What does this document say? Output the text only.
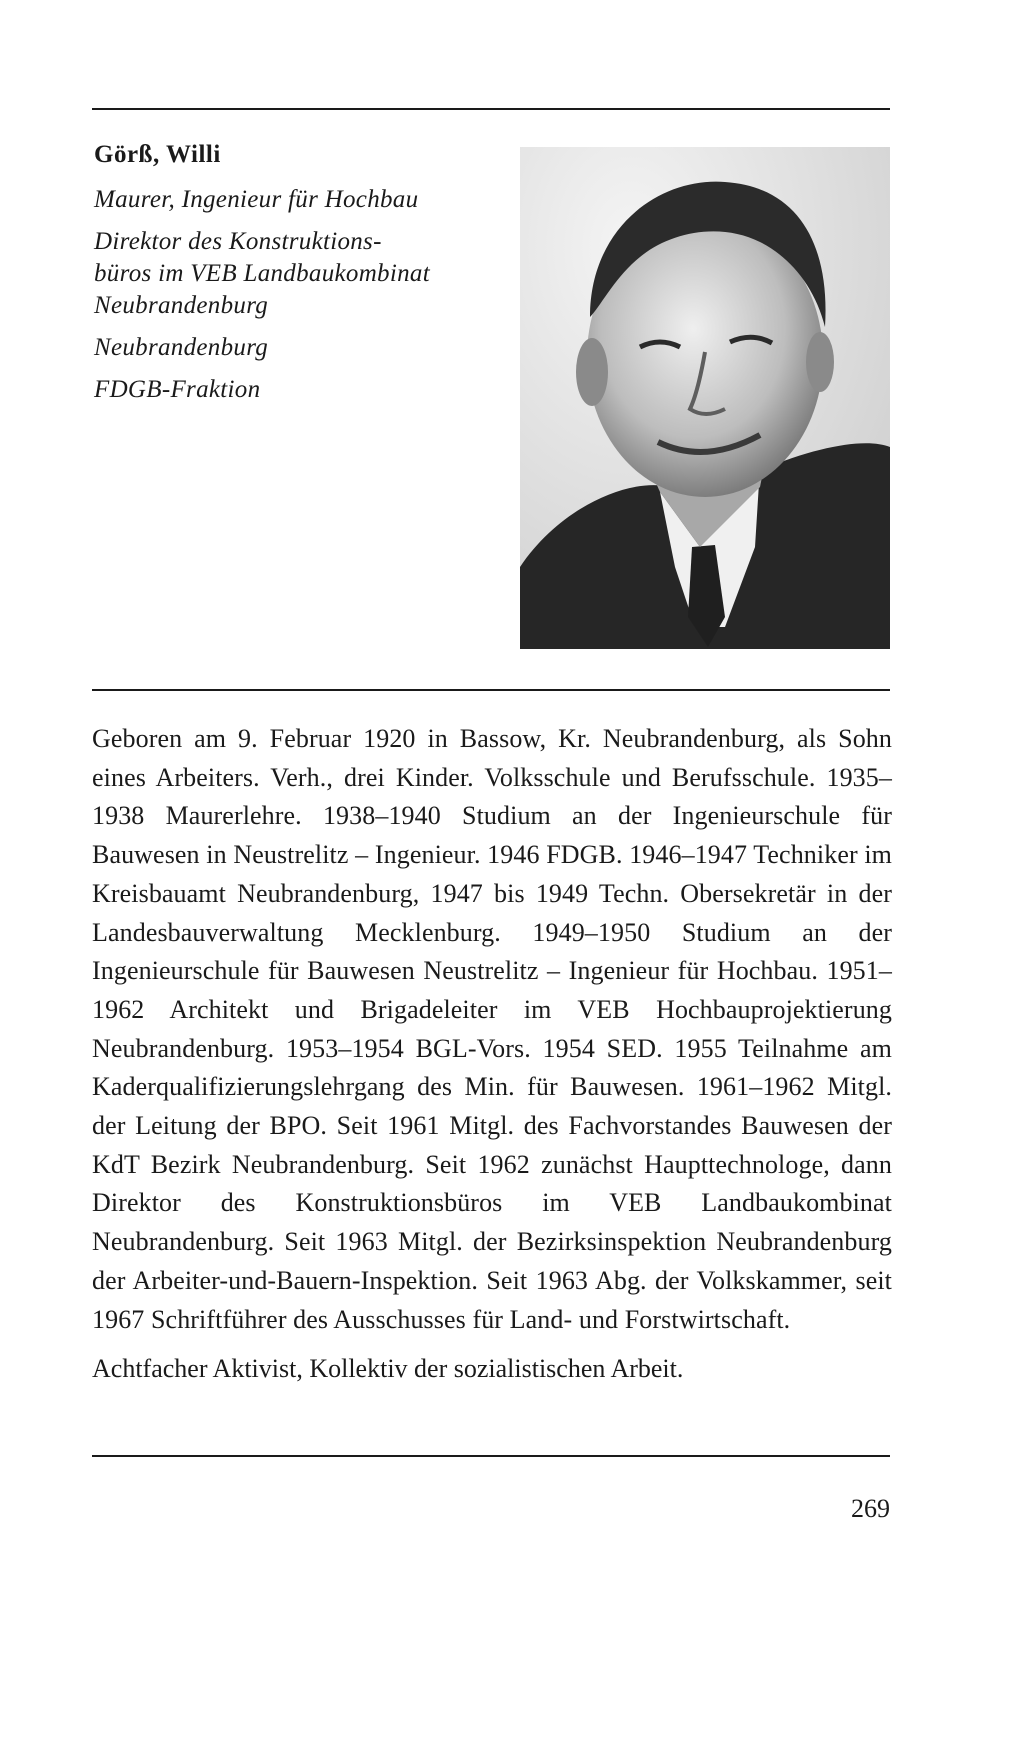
Görß, Willi

Maurer, Ingenieur für Hochbau

Direktor des Konstruktions-

büros im VEB Landbaukombinat

Neubrandenburg

Neubrandenburg

FDGB-Fraktion

Geboren am 9. Februar 1920 in Bassow, Kr. Neubrandenburg, als Sohn eines Arbeiters. Verh., drei Kinder. Volksschule und Berufsschule. 1935–1938 Maurerlehre. 1938–1940 Studium an der Ingenieurschule für Bauwesen in Neustrelitz – Ingenieur. 1946 FDGB. 1946–1947 Techniker im Kreisbauamt Neubrandenburg, 1947 bis 1949 Techn. Obersekretär in der Landesbauverwaltung Mecklenburg. 1949–1950 Studium an der Ingenieurschule für Bauwesen Neustrelitz – Ingenieur für Hochbau. 1951–1962 Architekt und Brigadeleiter im VEB Hochbauprojektierung Neubrandenburg. 1953–1954 BGL-Vors. 1954 SED. 1955 Teilnahme am Kaderqualifizierungslehrgang des Min. für Bauwesen. 1961–1962 Mitgl. der Leitung der BPO. Seit 1961 Mitgl. des Fachvorstandes Bauwesen der KdT Bezirk Neubrandenburg. Seit 1962 zunächst Haupttechnologe, dann Direktor des Konstruktionsbüros im VEB Landbaukombinat Neubrandenburg. Seit 1963 Mitgl. der Bezirksinspektion Neubrandenburg der Arbeiter-und-Bauern-Inspektion. Seit 1963 Abg. der Volkskammer, seit 1967 Schriftführer des Ausschusses für Land- und Forstwirtschaft.

Achtfacher Aktivist, Kollektiv der sozialistischen Arbeit.

269
